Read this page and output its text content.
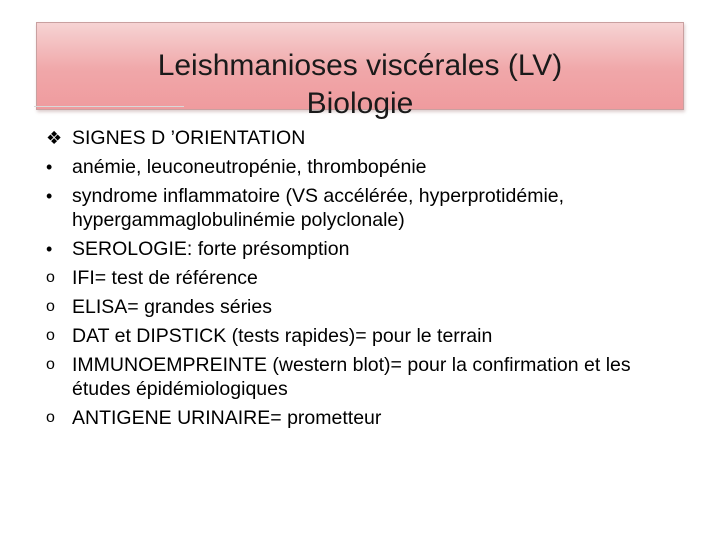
Leishmanioses viscérales (LV)
Biologie
❖ SIGNES D ’ORIENTATION
•	anémie, leuconeutropénie, thrombopénie
•	syndrome inflammatoire (VS accélérée, hyperprotidémie, hypergammaglobulinémie polyclonale)
•	SEROLOGIE: forte présomption
o IFI= test de référence
o ELISA= grandes séries
o DAT et DIPSTICK (tests rapides)= pour le terrain
o IMMUNOEMPREINTE (western blot)= pour la confirmation et les études épidémiologiques
o ANTIGENE URINAIRE= prometteur
